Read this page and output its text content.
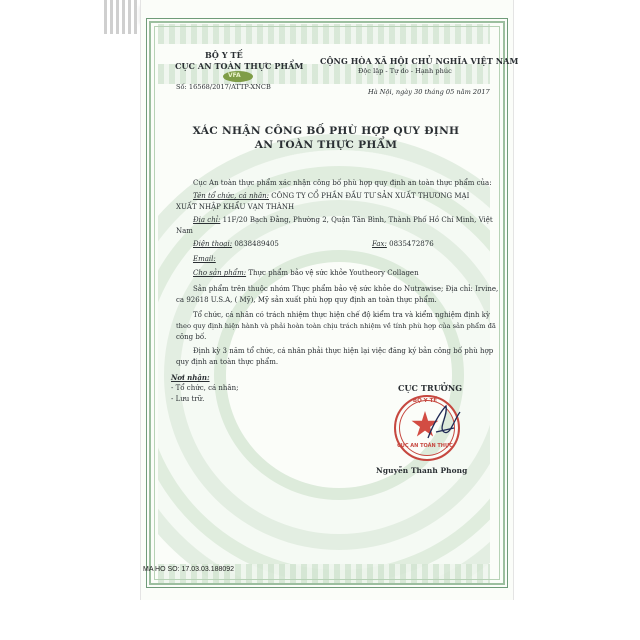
BỘ Y TẾ
CỤC AN TOÀN THỰC PHẨM
VFA
Số: 16568/2017/ATTP-XNCB
CỘNG HÒA XÃ HỘI CHỦ NGHĨA VIỆT NAM
Độc lập - Tự do - Hạnh phúc
Hà Nội, ngày 30 tháng 05 năm 2017
XÁC NHẬN CÔNG BỐ PHÙ HỢP QUY ĐỊNH
AN TOÀN THỰC PHẨM
Cục An toàn thực phẩm xác nhận công bố phù hợp quy định an toàn thực phẩm của:
Tên tổ chức, cá nhân: CÔNG TY CỔ PHẦN ĐẦU TƯ SẢN XUẤT THƯƠNG MẠI
XUẤT NHẬP KHẨU VẠN THÀNH
Địa chỉ: 11F/20 Bạch Đằng, Phường 2, Quận Tân Bình, Thành Phố Hồ Chí Minh, Việt
Nam
Điện thoại: 0838489405	Fax: 0835472876
Email:
Cho sản phẩm: Thực phẩm bảo vệ sức khỏe Youtheory Collagen
Sản phẩm trên thuộc nhóm Thực phẩm bảo vệ sức khỏe do Nutrawise; Địa chỉ: Irvine,
ca 92618 U.S.A, ( Mỹ), Mỹ sản xuất phù hợp quy định an toàn thực phẩm.
Tổ chức, cá nhân có trách nhiệm thực hiện chế độ kiểm tra và kiểm nghiệm định kỳ
theo quy định hiện hành và phải hoàn toàn chịu trách nhiệm về tính phù hợp của sản phẩm đã
công bố.
Định kỳ 3 năm tổ chức, cá nhân phải thực hiện lại việc đăng ký bản công bố phù hợp
quy định an toàn thực phẩm.
Nơi nhận:
- Tổ chức, cá nhân;
- Lưu trữ.
CỤC TRƯỞNG
BỘ Y TẾ
CỤC AN TOÀN THỰC
Nguyễn Thanh Phong
MA HO SO: 17.03.03.188092
